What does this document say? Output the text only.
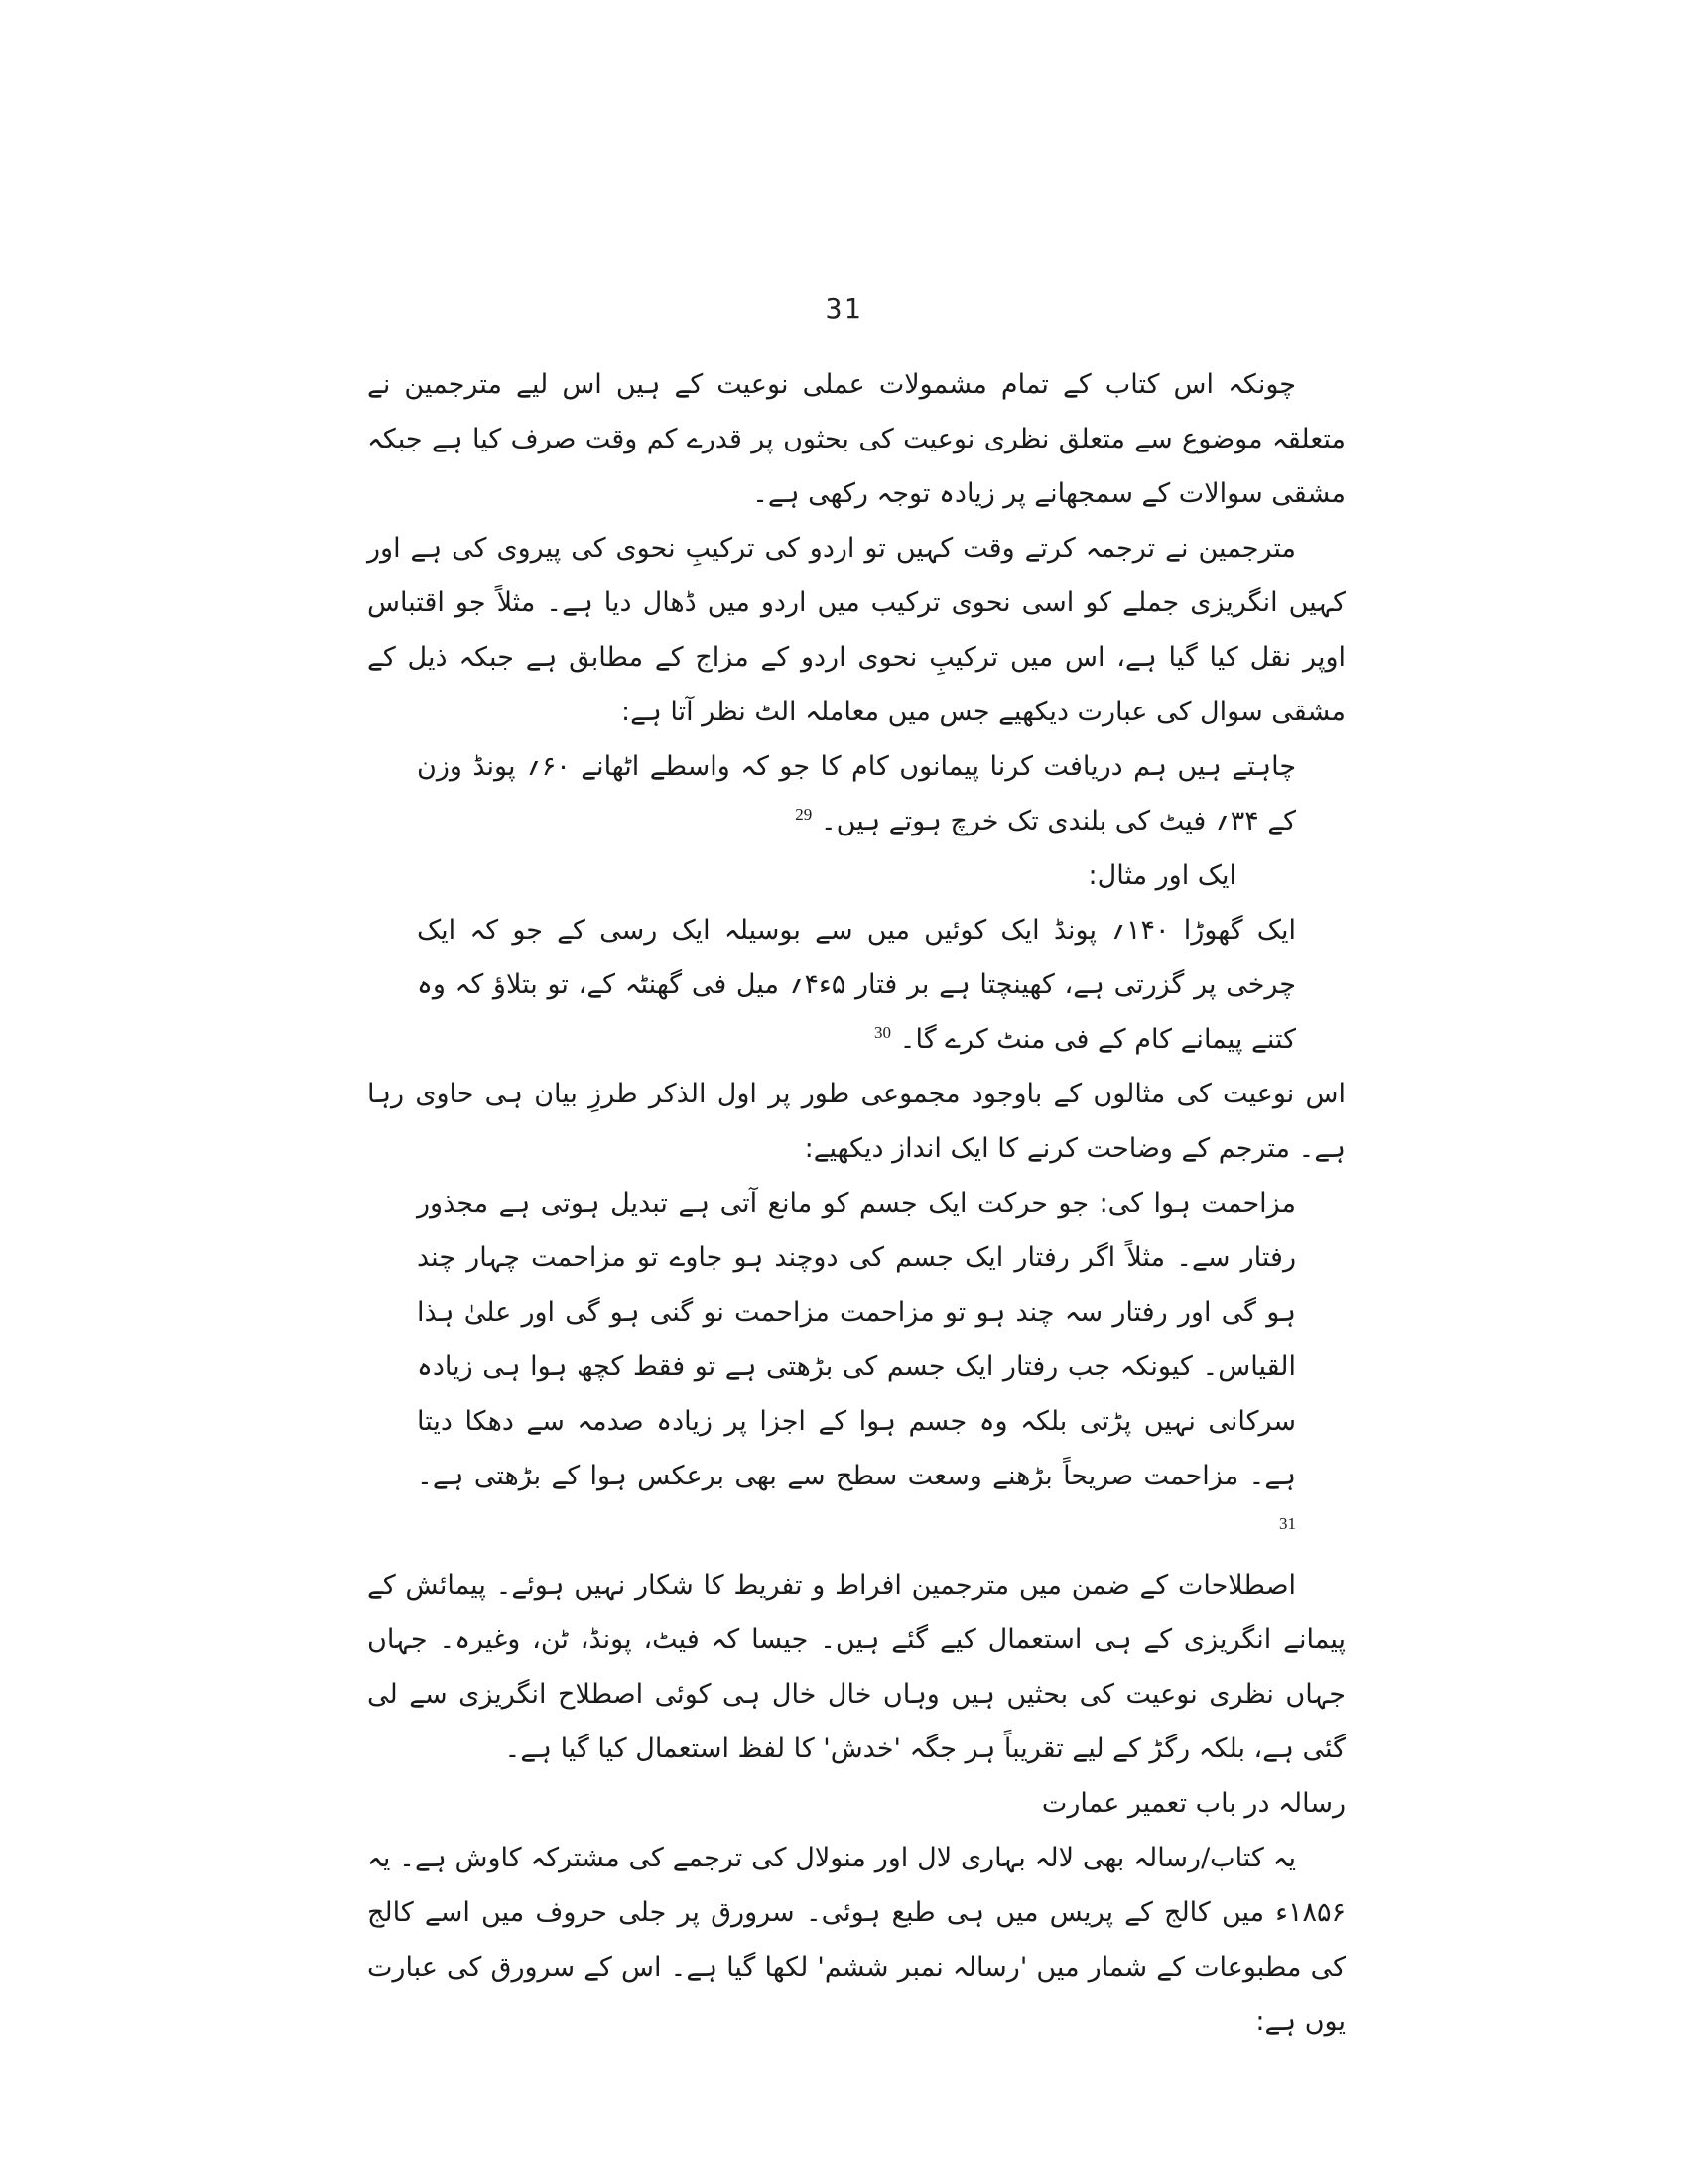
31

چونکہ اس کتاب کے تمام مشمولات عملی نوعیت کے ہیں اس لیے مترجمین نے متعلقہ موضوع سے متعلق نظری نوعیت کی بحثوں پر قدرے کم وقت صرف کیا ہے جبکہ مشقی سوالات کے سمجھانے پر زیادہ توجہ رکھی ہے۔

مترجمین نے ترجمہ کرتے وقت کہیں تو اردو کی ترکیبِ نحوی کی پیروی کی ہے اور کہیں انگریزی جملے کو اسی نحوی ترکیب میں اردو میں ڈھال دیا ہے۔ مثلاً جو اقتباس اوپر نقل کیا گیا ہے، اس میں ترکیبِ نحوی اردو کے مزاج کے مطابق ہے جبکہ ذیل کے مشقی سوال کی عبارت دیکھیے جس میں معاملہ الٹ نظر آتا ہے:

چاہتے ہیں ہم دریافت کرنا پیمانوں کام کا جو کہ واسطے اٹھانے ۶۰؍ پونڈ وزن کے ۳۴؍ فیٹ کی بلندی تک خرچ ہوتے ہیں۔ $^{29}$

ایک اور مثال:

ایک گھوڑا ۱۴۰؍ پونڈ ایک کوئیں میں سے بوسیلہ ایک رسی کے جو کہ ایک چرخی پر گزرتی ہے، کھینچتا ہے بر فتار ۵ء۴؍ میل فی گھنٹہ کے، تو بتلاؤ کہ وہ کتنے پیمانے کام کے فی منٹ کرے گا۔ $^{30}$

اس نوعیت کی مثالوں کے باوجود مجموعی طور پر اول الذکر طرزِ بیان ہی حاوی رہا ہے۔ مترجم کے وضاحت کرنے کا ایک انداز دیکھیے:

مزاحمت ہوا کی: جو حرکت ایک جسم کو مانع آتی ہے تبدیل ہوتی ہے مجذور رفتار سے۔ مثلاً اگر رفتار ایک جسم کی دوچند ہو جاوے تو مزاحمت چہار چند ہو گی اور رفتار سہ چند ہو تو مزاحمت مزاحمت نو گنی ہو گی اور علیٰ ہذا القیاس۔ کیونکہ جب رفتار ایک جسم کی بڑھتی ہے تو فقط کچھ ہوا ہی زیادہ سرکانی نہیں پڑتی بلکہ وہ جسم ہوا کے اجزا پر زیادہ صدمہ سے دھکا دیتا ہے۔ مزاحمت صریحاً بڑھنے وسعت سطح سے بھی برعکس ہوا کے بڑھتی ہے۔ $^{31}$

اصطلاحات کے ضمن میں مترجمین افراط و تفریط کا شکار نہیں ہوئے۔ پیمائش کے پیمانے انگریزی کے ہی استعمال کیے گئے ہیں۔ جیسا کہ فیٹ، پونڈ، ٹن، وغیرہ۔ جہاں جہاں نظری نوعیت کی بحثیں ہیں وہاں خال خال ہی کوئی اصطلاح انگریزی سے لی گئی ہے، بلکہ رگڑ کے لیے تقریباً ہر جگہ 'خدش' کا لفظ استعمال کیا گیا ہے۔

رسالہ در باب تعمیر عمارت

یہ کتاب/رسالہ بھی لالہ بہاری لال اور منولال کی ترجمے کی مشترکہ کاوش ہے۔ یہ ۱۸۵۶ء میں کالج کے پریس میں ہی طبع ہوئی۔ سرورق پر جلی حروف میں اسے کالج کی مطبوعات کے شمار میں 'رسالہ نمبر ششم' لکھا گیا ہے۔ اس کے سرورق کی عبارت یوں ہے:
